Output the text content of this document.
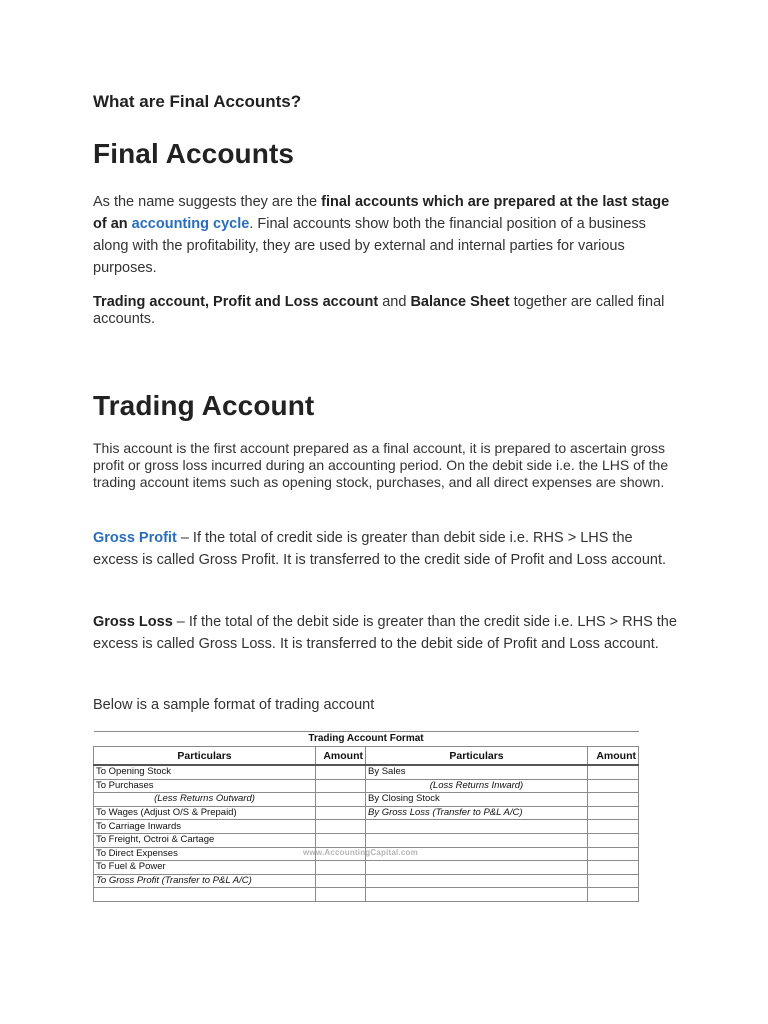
What are Final Accounts?
Final Accounts

As the name suggests they are the final accounts which are prepared at the last stage of an accounting cycle. Final accounts show both the financial position of a business along with the profitability, they are used by external and internal parties for various purposes.

Trading account, Profit and Loss account and Balance Sheet together are called final accounts.

Trading Account

This account is the first account prepared as a final account, it is prepared to ascertain gross profit or gross loss incurred during an accounting period. On the debit side i.e. the LHS of the trading account items such as opening stock, purchases, and all direct expenses are shown.

Gross Profit – If the total of credit side is greater than debit side i.e. RHS > LHS the excess is called Gross Profit. It is transferred to the credit side of Profit and Loss account.

Gross Loss – If the total of the debit side is greater than the credit side i.e. LHS > RHS the excess is called Gross Loss. It is transferred to the debit side of Profit and Loss account.

Below is a sample format of trading account

Trading Account Format			
Particulars	Amount	Particulars	Amount
To Opening Stock		By Sales	
To Purchases		(Loss Returns Inward)	
(Less Returns Outward)		By Closing Stock	
To Wages (Adjust O/S & Prepaid)		By Gross Loss (Transfer to P&L A/C)	
To Carriage Inwards			
To Freight, Octroi & Cartage			
To Direct Expenses			
To Fuel & Power			
To Gross Profit (Transfer to P&L A/C)			

www.AccountingCapital.com
